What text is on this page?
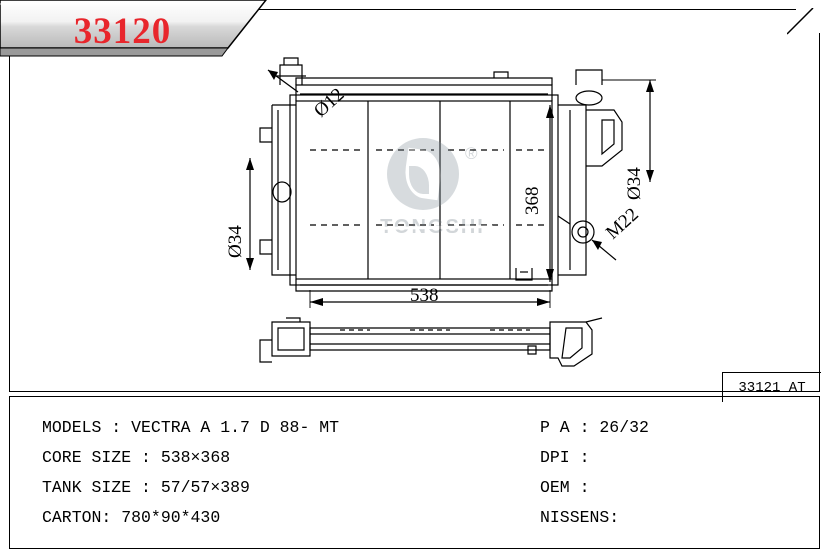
33121 AT
®
TONGSHI
Ø12
368
538
Ø34
Ø34
M22
33120
MODELS : VECTRA A 1.7 D 88- MT
CORE SIZE : 538×368
TANK SIZE : 57/57×389
CARTON: 780*90*430
P A : 26/32
DPI :
OEM :
NISSENS:
